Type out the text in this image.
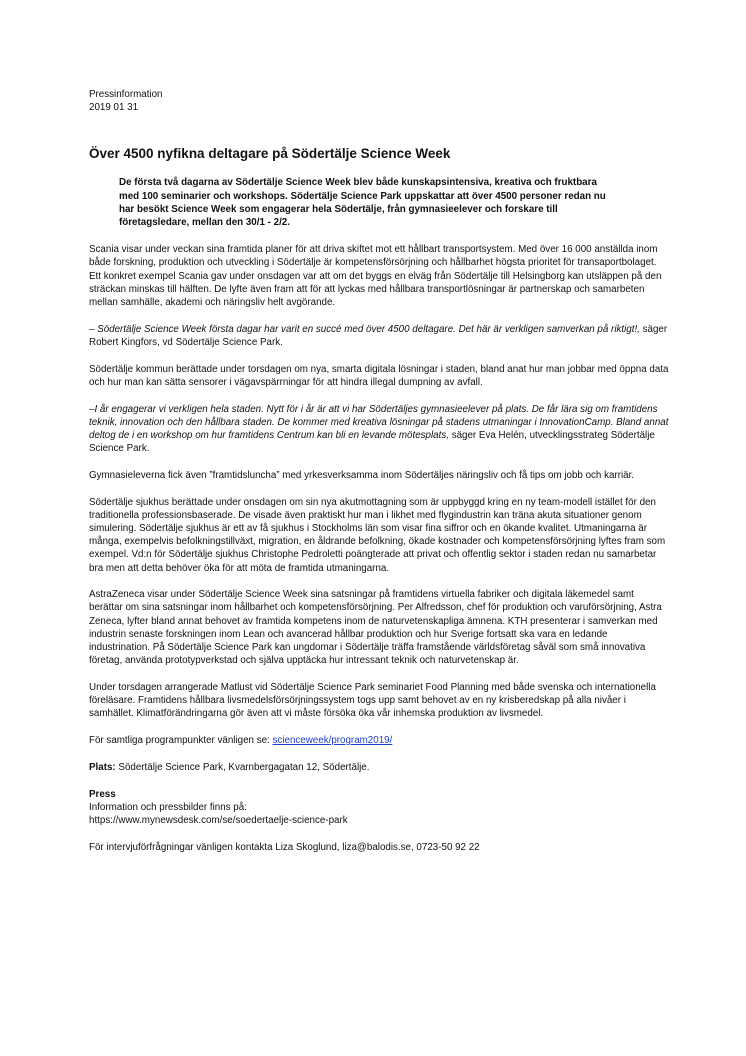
Pressinformation
2019 01 31
Över 4500 nyfikna deltagare på Södertälje Science Week
De första två dagarna av Södertälje Science Week blev både kunskapsintensiva, kreativa och fruktbara med 100 seminarier och workshops. Södertälje Science Park uppskattar att över 4500 personer redan nu har besökt Science Week som engagerar hela Södertälje, från gymnasieelever och forskare till företagsledare, mellan den 30/1 - 2/2.

Scania visar under veckan sina framtida planer för att driva skiftet mot ett hållbart transportsystem. Med över 16 000 anställda inom både forskning, produktion och utveckling i Södertälje är kompetensförsörjning och hållbarhet högsta prioritet för transaportbolaget. Ett konkret exempel Scania gav under onsdagen var att om det byggs en elväg från Södertälje till Helsingborg kan utsläppen på den sträckan minskas till hälften. De lyfte även fram att för att lyckas med hållbara transportlösningar är partnerskap och samarbeten mellan samhälle, akademi och näringsliv helt avgörande.

– Södertälje Science Week första dagar har varit en succé med över 4500 deltagare. Det här är verkligen samverkan på riktigt!, säger Robert Kingfors, vd Södertälje Science Park.

Södertälje kommun berättade under torsdagen om nya, smarta digitala lösningar i staden, bland anat hur man jobbar med öppna data och hur man kan sätta sensorer i vägavspärrningar för att hindra illegal dumpning av avfall.

–I år engagerar vi verkligen hela staden. Nytt för i år är att vi har Södertäljes gymnasieelever på plats. De får lära sig om framtidens teknik, innovation och den hållbara staden. De kommer med kreativa lösningar på stadens utmaningar i InnovationCamp. Bland annat deltog de i en workshop om hur framtidens Centrum kan bli en levande mötesplats, säger Eva Helén, utvecklingsstrateg Södertälje Science Park.

Gymnasieleverna fick även ”framtidsluncha” med yrkesverksamma inom Södertäljes näringsliv och få tips om jobb och karriär.

Södertälje sjukhus berättade under onsdagen om sin nya akutmottagning som är uppbyggd kring en ny team-modell istället för den traditionella professionsbaserade. De visade även praktiskt hur man i likhet med flygindustrin kan träna akuta situationer genom simulering. Södertälje sjukhus är ett av få sjukhus i Stockholms län som visar fina siffror och en ökande kvalitet. Utmaningarna är många, exempelvis befolkningstillväxt, migration, en åldrande befolkning, ökade kostnader och kompetensförsörjning lyftes fram som exempel. Vd:n för Södertälje sjukhus Christophe Pedroletti poängterade att privat och offentlig sektor i staden redan nu samarbetar bra men att detta behöver öka för att möta de framtida utmaningarna.

AstraZeneca visar under Södertälje Science Week sina satsningar på framtidens virtuella fabriker och digitala läkemedel samt berättar om sina satsningar inom hållbarhet och kompetensförsörjning. Per Alfredsson, chef för produktion och varuförsörjning, Astra Zeneca, lyfter bland annat behovet av framtida kompetens inom de naturvetenskapliga ämnena. KTH presenterar i samverkan med industrin senaste forskningen inom Lean och avancerad hållbar produktion och hur Sverige fortsatt ska vara en ledande industrination. På Södertälje Science Park kan ungdomar i Södertälje träffa framstående världsföretag såväl som små innovativa företag, använda prototypverkstad och själva upptäcka hur intressant teknik och naturvetenskap är.

Under torsdagen arrangerade Matlust vid Södertälje Science Park seminariet Food Planning med både svenska och internationella föreläsare. Framtidens hållbara livsmedelsförsörjningssystem togs upp samt behovet av en ny krisberedskap på alla nivåer i samhället. Klimatförändringarna gör även att vi måste försöka öka vår inhemska produktion av livsmedel.

För samtliga programpunkter vänligen se: scienceweek/program2019/

Plats: Södertälje Science Park, Kvarnbergagatan 12, Södertälje.

Press
Information och pressbilder finns på:
https://www.mynewsdesk.com/se/soedertaelje-science-park

För intervjuförfrågningar vänligen kontakta Liza Skoglund, liza@balodis.se, 0723-50 92 22
